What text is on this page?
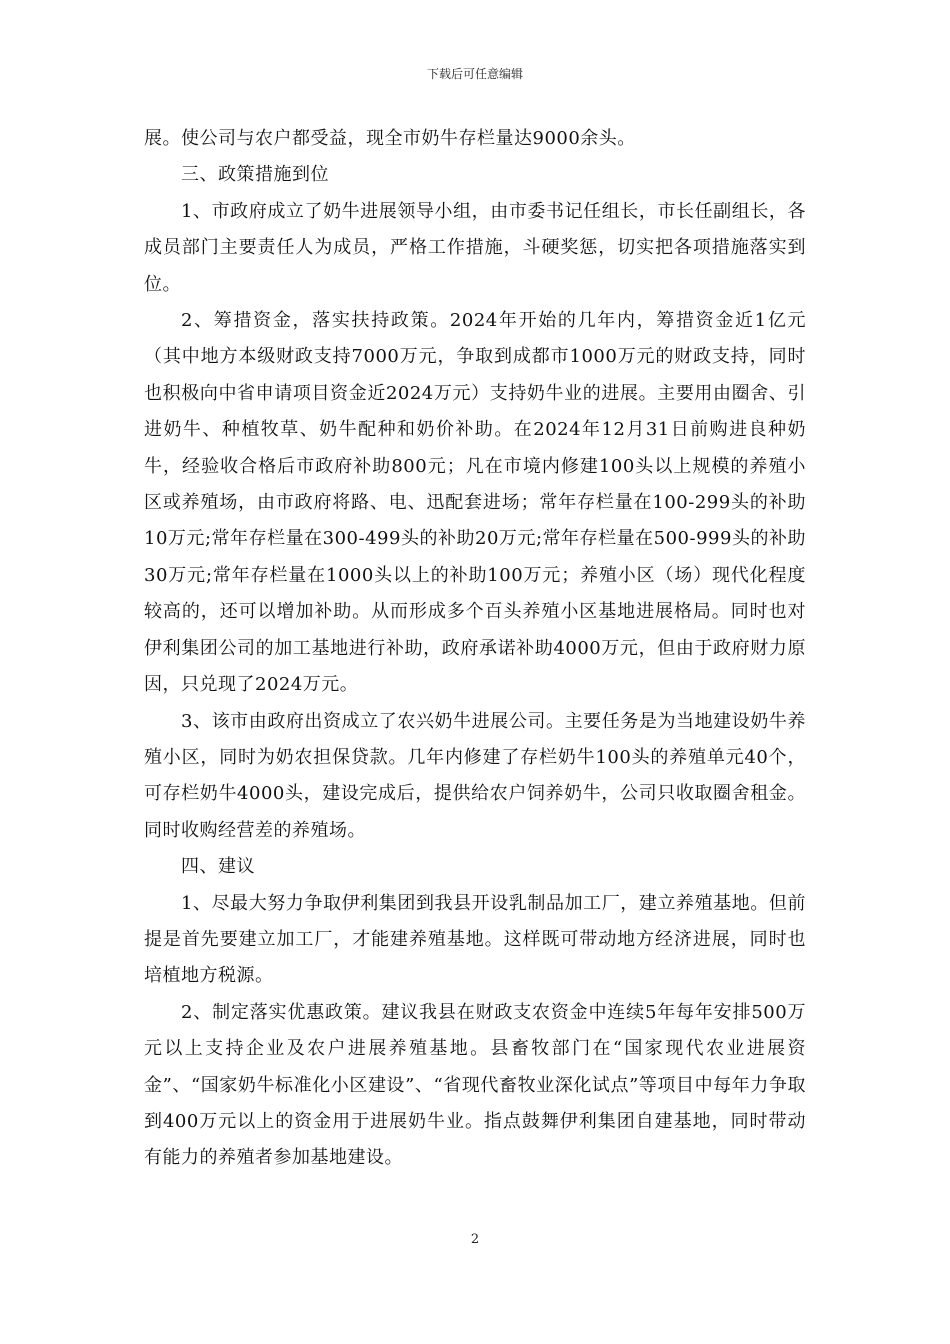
下载后可任意编辑

展。使公司与农户都受益，现全市奶牛存栏量达9000余头。

三、政策措施到位

1、市政府成立了奶牛进展领导小组，由市委书记任组长，市长任副组长，各成员部门主要责任人为成员，严格工作措施，斗硬奖惩，切实把各项措施落实到位。

2、筹措资金，落实扶持政策。2024年开始的几年内，筹措资金近1亿元（其中地方本级财政支持7000万元，争取到成都市1000万元的财政支持，同时也积极向中省申请项目资金近2024万元）支持奶牛业的进展。主要用由圈舍、引进奶牛、种植牧草、奶牛配种和奶价补助。在2024年12月31日前购进良种奶牛，经验收合格后市政府补助800元；凡在市境内修建100头以上规模的养殖小区或养殖场，由市政府将路、电、迅配套进场；常年存栏量在100-299头的补助10万元;常年存栏量在300-499头的补助20万元;常年存栏量在500-999头的补助30万元;常年存栏量在1000头以上的补助100万元；养殖小区（场）现代化程度较高的，还可以增加补助。从而形成多个百头养殖小区基地进展格局。同时也对伊利集团公司的加工基地进行补助，政府承诺补助4000万元，但由于政府财力原因，只兑现了2024万元。

3、该市由政府出资成立了农兴奶牛进展公司。主要任务是为当地建设奶牛养殖小区，同时为奶农担保贷款。几年内修建了存栏奶牛100头的养殖单元40个，可存栏奶牛4000头，建设完成后，提供给农户饲养奶牛，公司只收取圈舍租金。同时收购经营差的养殖场。

四、建议

1、尽最大努力争取伊利集团到我县开设乳制品加工厂，建立养殖基地。但前提是首先要建立加工厂，才能建养殖基地。这样既可带动地方经济进展，同时也培植地方税源。

2、制定落实优惠政策。建议我县在财政支农资金中连续5年每年安排500万元以上支持企业及农户进展养殖基地。县畜牧部门在“国家现代农业进展资金”、“国家奶牛标准化小区建设”、“省现代畜牧业深化试点”等项目中每年力争取到400万元以上的资金用于进展奶牛业。指点鼓舞伊利集团自建基地，同时带动有能力的养殖者参加基地建设。

2
